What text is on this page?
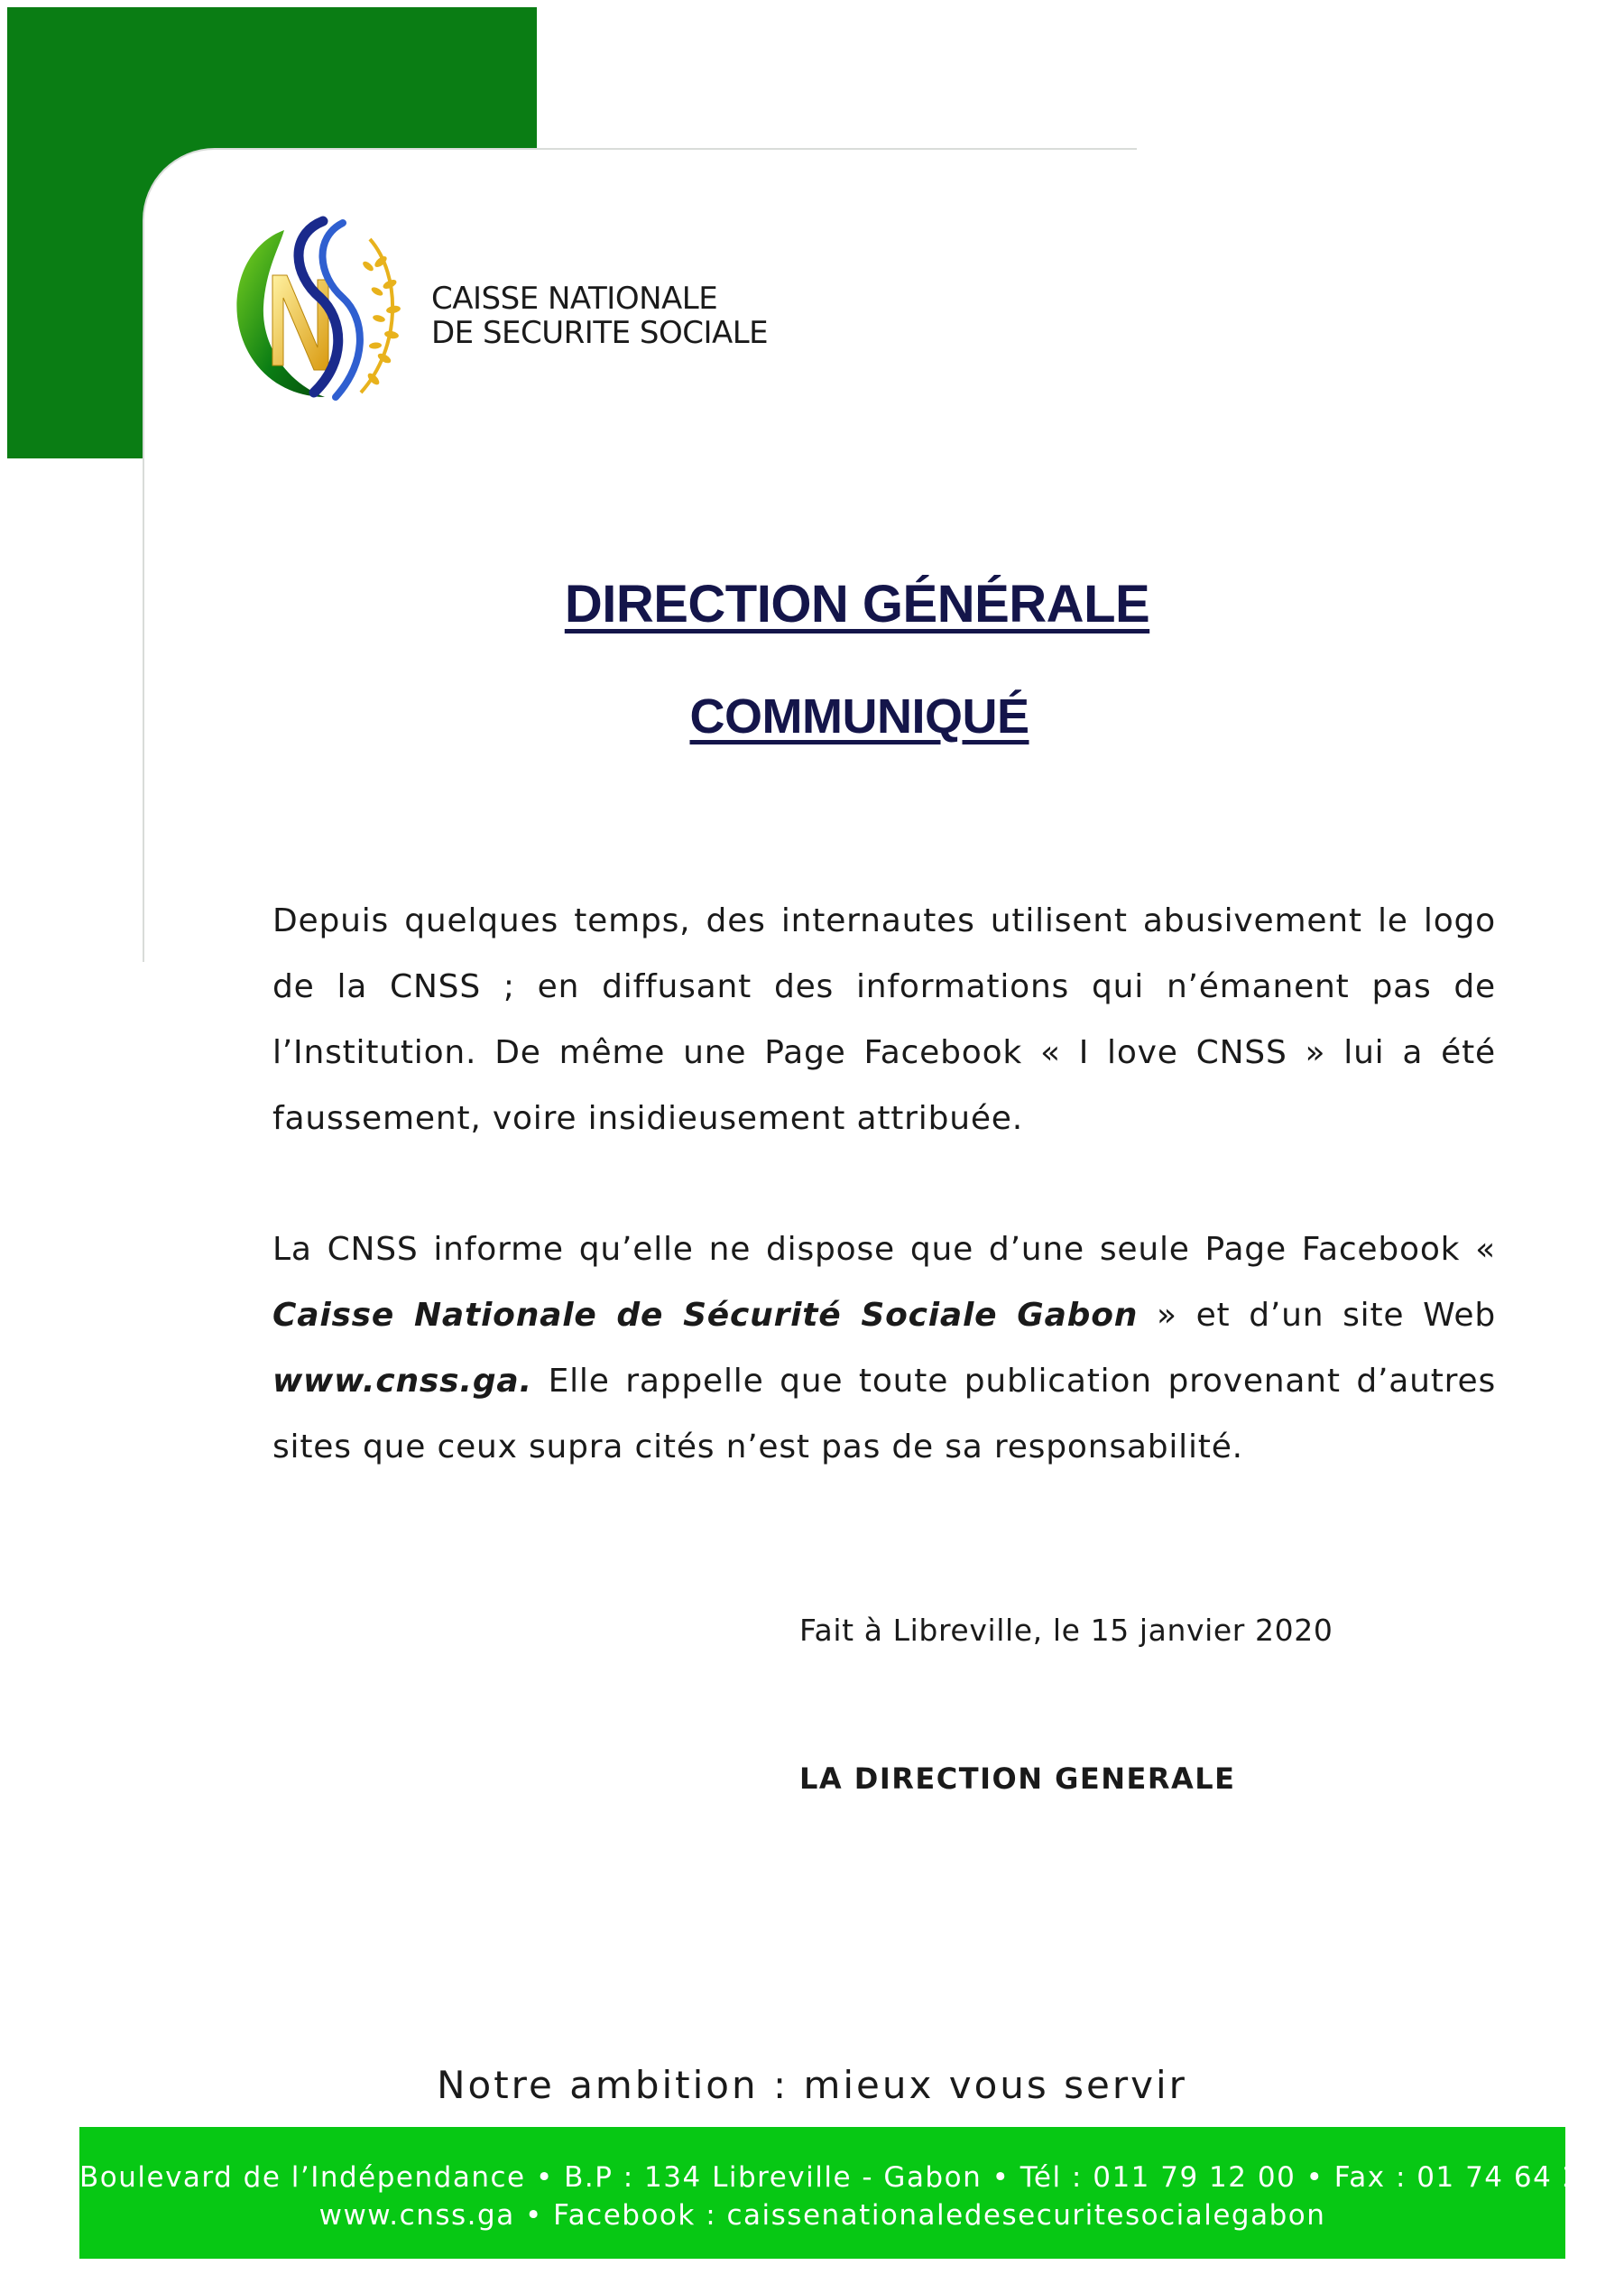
CAISSE NATIONALE
DE SECURITE SOCIALE
DIRECTION GÉNÉRALE
COMMUNIQUÉ
Depuis quelques temps, des internautes utilisent abusivement le logo de la CNSS ; en diffusant des informations qui n’émanent pas de l’Institution. De même une Page Facebook « I love CNSS » lui a été faussement, voire insidieusement attribuée.
La CNSS informe qu’elle ne dispose que d’une seule Page Facebook « Caisse Nationale de Sécurité Sociale Gabon » et d’un site Web www.cnss.ga. Elle rappelle que toute publication provenant d’autres sites que ceux supra cités n’est pas de sa responsabilité.
Fait à Libreville, le 15 janvier 2020
LA DIRECTION GENERALE
Notre ambition : mieux vous servir
Boulevard de l’Indépendance • B.P : 134 Libreville - Gabon • Tél : 011 79 12 00 • Fax : 01 74 64 25
www.cnss.ga • Facebook : caissenationaledesecuritesocialegabon
